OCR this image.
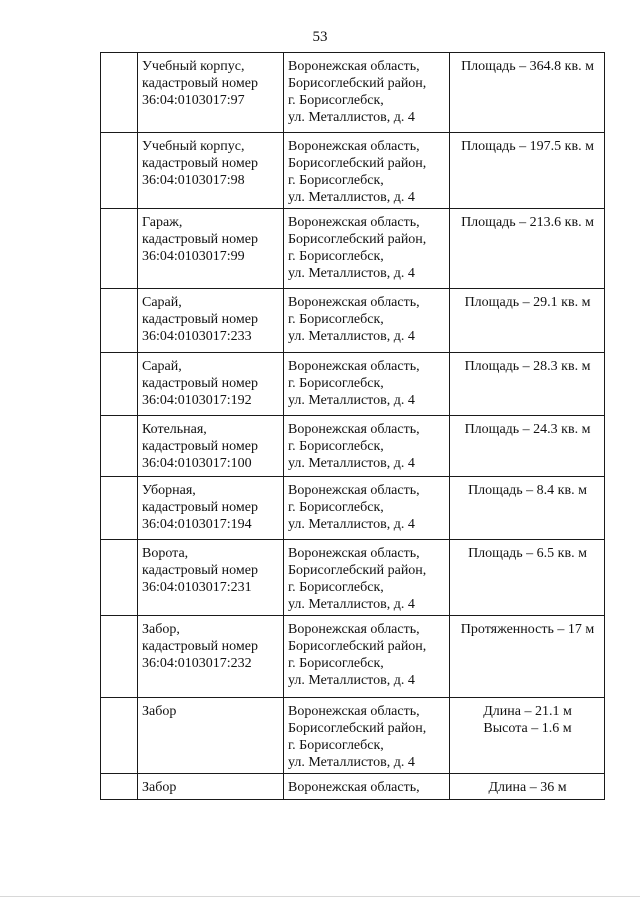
53

	Учебный корпус,
кадастровый номер
36:04:0103017:97	Воронежская область,
Борисоглебский район,
г. Борисоглебск,
ул. Металлистов, д. 4	Площадь – 364.8 кв. м

	Учебный корпус,
кадастровый номер
36:04:0103017:98	Воронежская область,
Борисоглебский район,
г. Борисоглебск,
ул. Металлистов, д. 4	Площадь – 197.5 кв. м

	Гараж,
кадастровый номер
36:04:0103017:99	Воронежская область,
Борисоглебский район,
г. Борисоглебск,
ул. Металлистов, д. 4	Площадь – 213.6 кв. м

	Сарай,
кадастровый номер
36:04:0103017:233	Воронежская область,
г. Борисоглебск,
ул. Металлистов, д. 4	Площадь – 29.1 кв. м

	Сарай,
кадастровый номер
36:04:0103017:192	Воронежская область,
г. Борисоглебск,
ул. Металлистов, д. 4	Площадь – 28.3 кв. м

	Котельная,
кадастровый номер
36:04:0103017:100	Воронежская область,
г. Борисоглебск,
ул. Металлистов, д. 4	Площадь – 24.3 кв. м

	Уборная,
кадастровый номер
36:04:0103017:194	Воронежская область,
г. Борисоглебск,
ул. Металлистов, д. 4	Площадь – 8.4 кв. м

	Ворота,
кадастровый номер
36:04:0103017:231	Воронежская область,
Борисоглебский район,
г. Борисоглебск,
ул. Металлистов, д. 4	Площадь – 6.5 кв. м

	Забор,
кадастровый номер
36:04:0103017:232	Воронежская область,
Борисоглебский район,
г. Борисоглебск,
ул. Металлистов, д. 4	Протяженность – 17 м

	Забор	Воронежская область,
Борисоглебский район,
г. Борисоглебск,
ул. Металлистов, д. 4	Длина – 21.1 м
Высота – 1.6 м

	Забор	Воронежская область,	Длина – 36 м
